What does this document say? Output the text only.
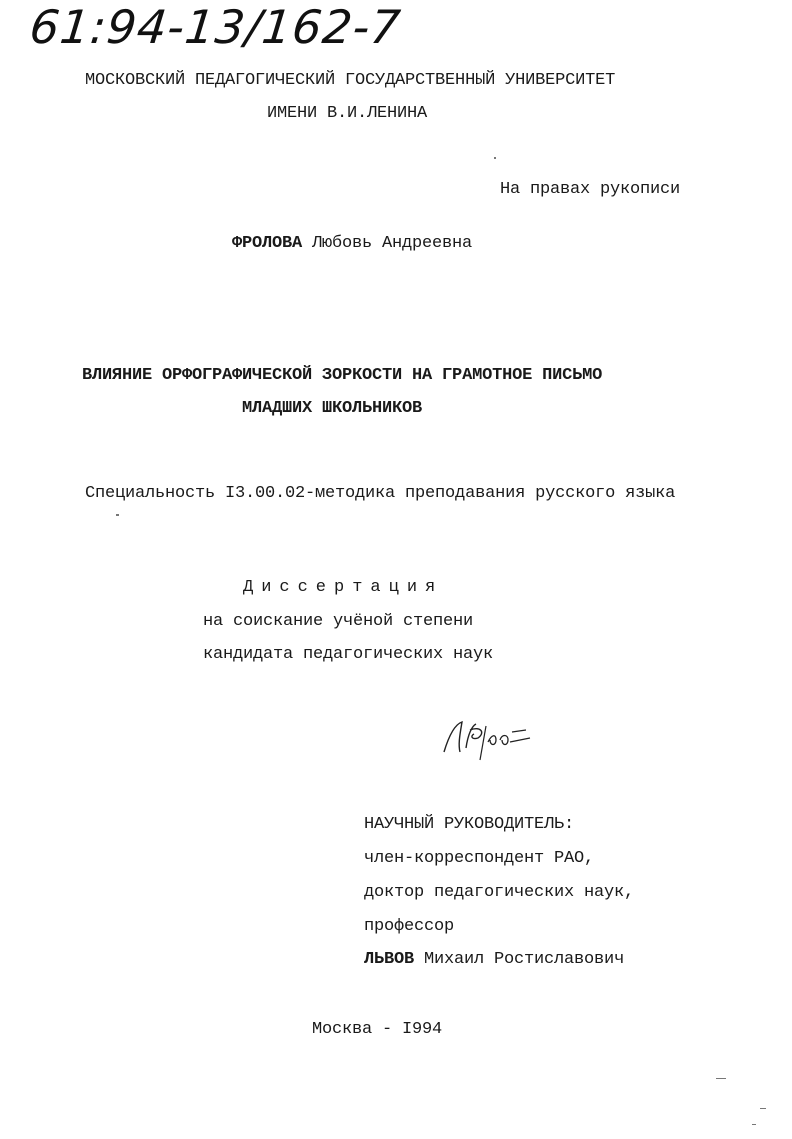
61:94-13/162-7
МОСКОВСКИЙ ПЕДАГОГИЧЕСКИЙ ГОСУДАРСТВЕННЫЙ УНИВЕРСИТЕТ
ИМЕНИ В.И.ЛЕНИНА
На правах рукописи
ФРОЛОВА Любовь Андреевна
ВЛИЯНИЕ ОРФОГРАФИЧЕСКОЙ ЗОРКОСТИ НА ГРАМОТНОЕ ПИСЬМО
МЛАДШИХ ШКОЛЬНИКОВ
Специальность I3.00.02-методика преподавания русского языка
Диссертация
на соискание учёной степени
кандидата педагогических наук
НАУЧНЫЙ РУКОВОДИТЕЛЬ:
член-корреспондент РАО,
доктор педагогических наук,
профессор
ЛЬВОВ Михаил Ростиславович
Москва - I994
